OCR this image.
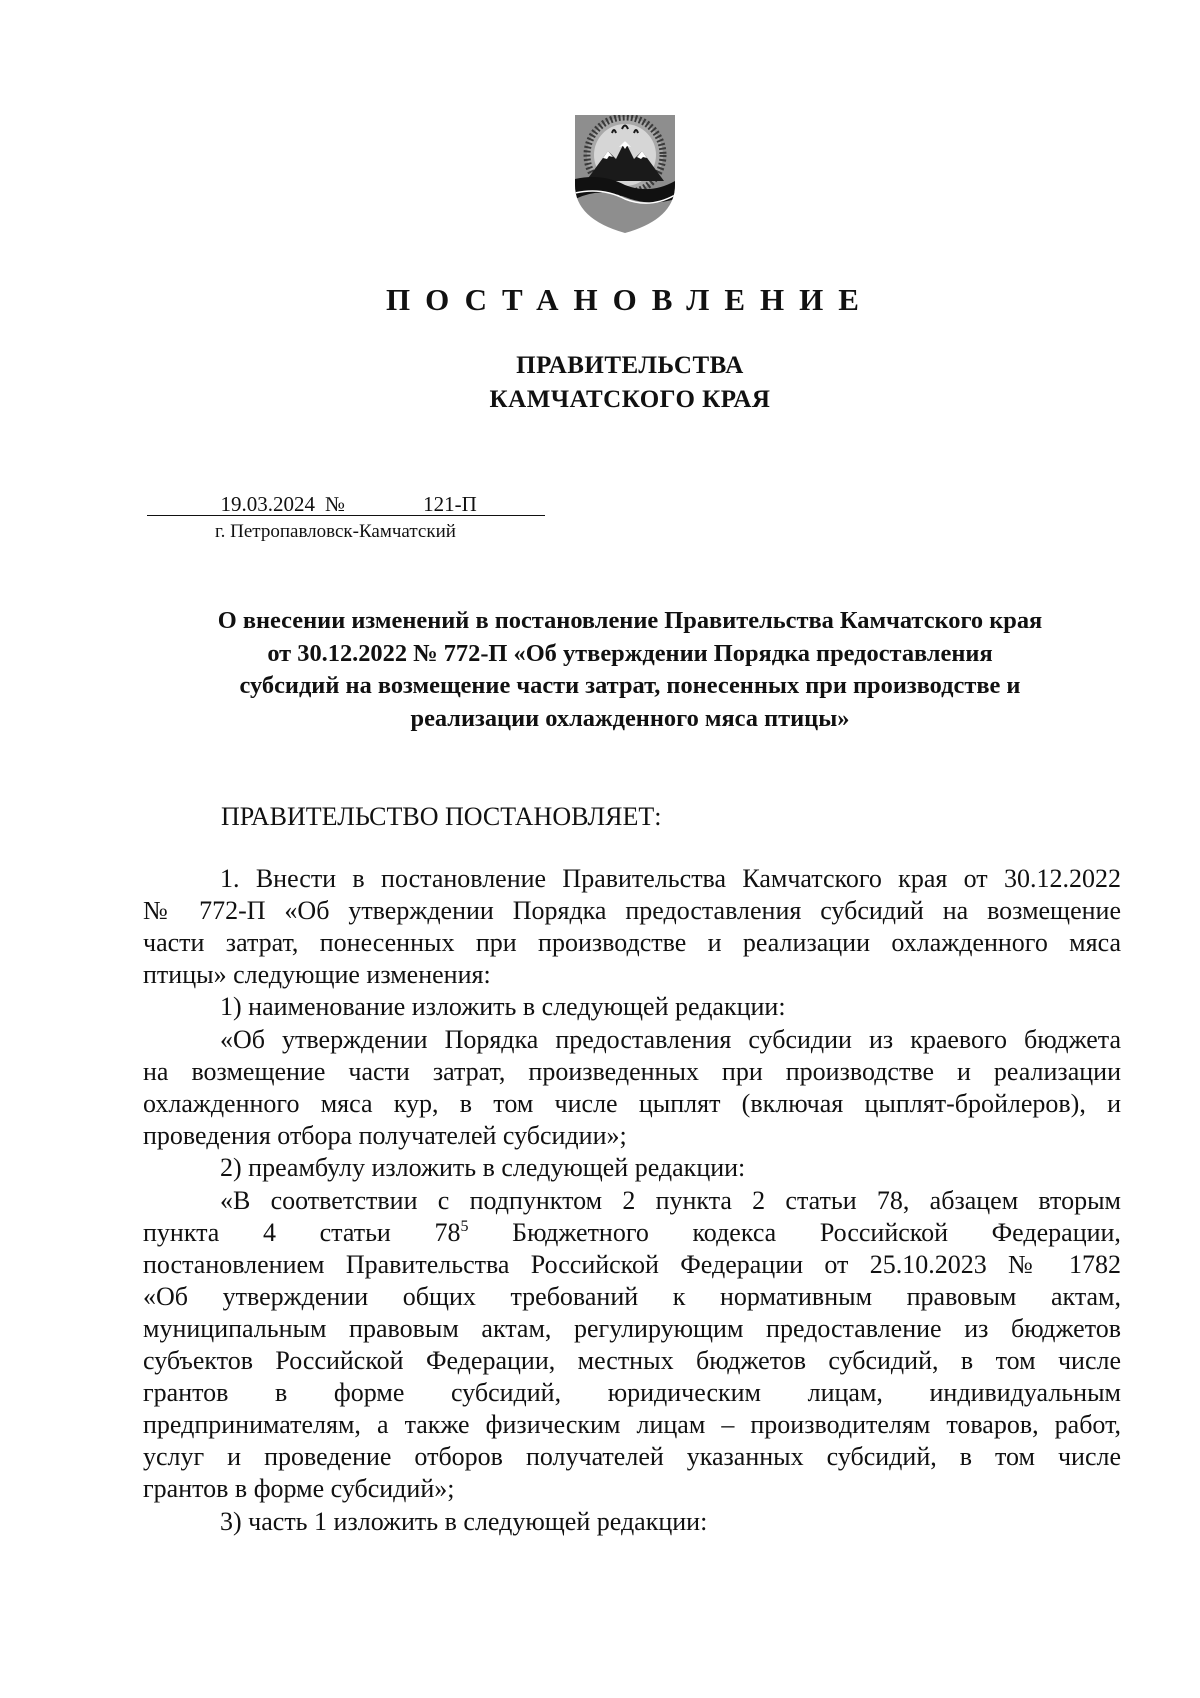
ПОСТАНОВЛЕНИЕ
ПРАВИТЕЛЬСТВА
КАМЧАТСКОГО КРАЯ
19.03.2024 №	121-П
г. Петропавловск-Камчатский
О внесении изменений в постановление Правительства Камчатского края
от 30.12.2022 № 772-П «Об утверждении Порядка предоставления
субсидий на возмещение части затрат, понесенных при производстве и
реализации охлажденного мяса птицы»
ПРАВИТЕЛЬСТВО ПОСТАНОВЛЯЕТ:
1. Внести в постановление Правительства Камчатского края от 30.12.2022
№ 772-П «Об утверждении Порядка предоставления субсидий на возмещение
части затрат, понесенных при производстве и реализации охлажденного мяса
птицы» следующие изменения:
1) наименование изложить в следующей редакции:
«Об утверждении Порядка предоставления субсидии из краевого бюджета
на возмещение части затрат, произведенных при производстве и реализации
охлажденного мяса кур, в том числе цыплят (включая цыплят-бройлеров), и
проведения отбора получателей субсидии»;
2) преамбулу изложить в следующей редакции:
«В соответствии с подпунктом 2 пункта 2 статьи 78, абзацем вторым
пункта 4 статьи $78^5$ Бюджетного кодекса Российской Федерации,
постановлением Правительства Российской Федерации от 25.10.2023 № 1782
«Об утверждении общих требований к нормативным правовым актам,
муниципальным правовым актам, регулирующим предоставление из бюджетов
субъектов Российской Федерации, местных бюджетов субсидий, в том числе
грантов в форме субсидий, юридическим лицам, индивидуальным
предпринимателям, а также физическим лицам – производителям товаров, работ,
услуг и проведение отборов получателей указанных субсидий, в том числе
грантов в форме субсидий»;
3) часть 1 изложить в следующей редакции:
